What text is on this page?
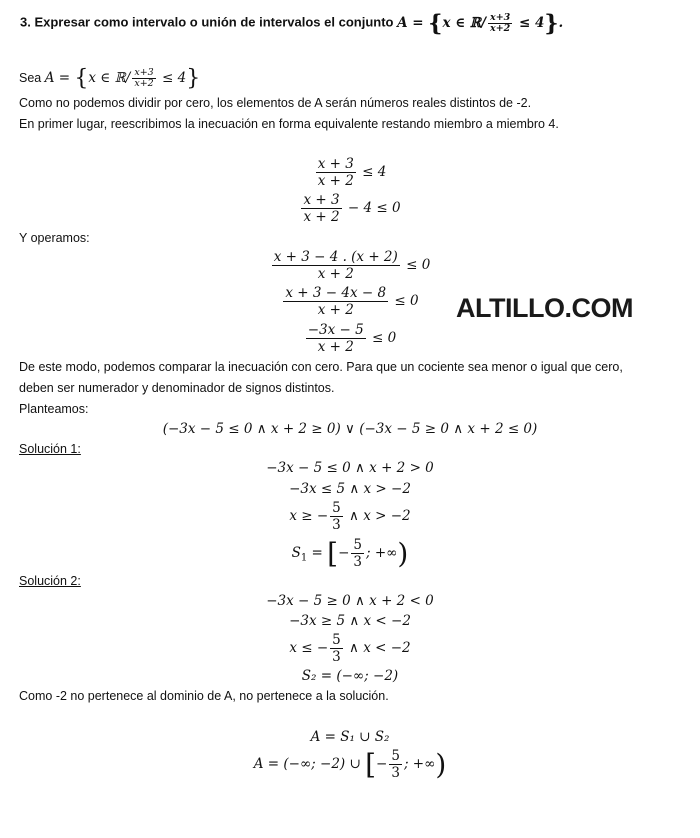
3. Expresar como intervalo o unión de intervalos el conjunto A = {x ∈ ℝ/ $\frac{x+3}{x+2} \le 4$}.
Sea A = {x ∈ ℝ/ $\frac{x+3}{x+2} \le 4$}
Como no podemos dividir por cero, los elementos de A serán números reales distintos de -2.
En primer lugar, reescribimos la inecuación en forma equivalente restando miembro a miembro 4.
$\frac{x + 3}{x + 2} \le 4$
$\frac{x + 3}{x + 2} - 4 \le 0$
Y operamos:
$\frac{x + 3 - 4 . (x + 2)}{x + 2} \le 0$
$\frac{x + 3 - 4x - 8}{x + 2} \le 0$
$\frac{-3x - 5}{x + 2} \le 0$
ALTILLO.COM
De este modo, podemos comparar la inecuación con cero. Para que un cociente sea menor o igual que cero,
deben ser numerador y denominador de signos distintos.
Planteamos:
(−3x − 5 ≤ 0 ∧ x + 2 ≥ 0) ∨ (−3x − 5 ≥ 0 ∧ x + 2 ≤ 0)
Solución 1:
−3x − 5 ≤ 0 ∧ x + 2 > 0
−3x ≤ 5 ∧ x > −2
x ≥ − $\frac{5}{3}$ ∧ x > −2
$S_1$ = [− $\frac{5}{3}$ ; +∞)
Solución 2:
−3x − 5 ≥ 0 ∧ x + 2 < 0
−3x ≥ 5 ∧ x < −2
x ≤ − $\frac{5}{3}$ ∧ x < −2
S₂ = (−∞; −2)
Como -2 no pertenece al dominio de A, no pertenece a la solución.
A = S₁ ∪ S₂
A = (−∞; −2) ∪ [− $\frac{5}{3}$ ; +∞)
